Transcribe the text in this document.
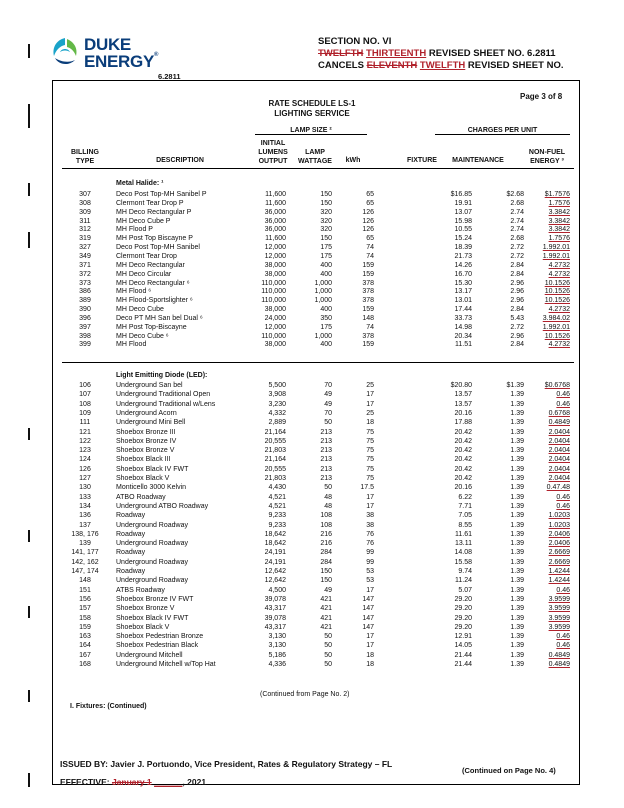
DUKE
ENERGY®
6.2811
SECTION NO. VI
TWELFTH THIRTEENTH REVISED SHEET NO. 6.2811
CANCELS ELEVENTH TWELFTH REVISED SHEET NO.
Page 3 of 8
RATE SCHEDULE LS-1
LIGHTING SERVICE
LAMP SIZE ²	CHARGES PER UNIT
BILLING TYPE	DESCRIPTION
INITIAL LUMENS OUTPUT
LAMP WATTAGE	kWh	FIXTURE	MAINTENANCE
NON-FUEL ENERGY ³
Metal Halide: ¹
307	Deco Post Top-MH Sanibel P	11,600	150	65	$16.85	$2.68	$1.7576
308	Clermont Tear Drop P	11,600	150	65	19.91	2.68	1.7576
309	MH Deco Rectangular P	36,000	320	126	13.07	2.74	3.3842
311	MH Deco Cube P	36,000	320	126	15.98	2.74	3.3842
312	MH Flood P	36,000	320	126	10.55	2.74	3.3842
319	MH Post Top Biscayne P	11,600	150	65	15.24	2.68	1.7576
327	Deco Post Top-MH Sanibel	12,000	175	74	18.39	2.72	1.992.01
349	Clermont Tear Drop	12,000	175	74	21.73	2.72	1.992.01
371	MH Deco Rectangular	38,000	400	159	14.26	2.84	4.2732
372	MH Deco Circular	38,000	400	159	16.70	2.84	4.2732
373	MH Deco Rectangular ⁶	110,000	1,000	378	15.30	2.96	10.1526
386	MH Flood ⁶	110,000	1,000	378	13.17	2.96	10.1526
389	MH Flood-Sportslighter ⁶	110,000	1,000	378	13.01	2.96	10.1526
390	MH Deco Cube	38,000	400	159	17.44	2.84	4.2732
396	Deco PT MH San bel Dual ⁶	24,000	350	148	33.73	5.43	3.984.02
397	MH Post Top-Biscayne	12,000	175	74	14.98	2.72	1.992.01
398	MH Deco Cube ⁶	110,000	1,000	378	20.34	2.96	10.1526
399	MH Flood	38,000	400	159	11.51	2.84	4.2732
Light Emitting Diode (LED):
106	Underground San bel	5,500	70	25	$20.80	$1.39	$0.6768
107	Underground Traditional Open	3,908	49	17	13.57	1.39	0.46
108	Underground Traditional w/Lens	3,230	49	17	13.57	1.39	0.46
109	Underground Acorn	4,332	70	25	20.16	1.39	0.6768
111	Underground Mini Bell	2,889	50	18	17.88	1.39	0.4849
121	Shoebox Bronze III	21,164	213	75	20.42	1.39	2.0404
122	Shoebox Bronze IV	20,555	213	75	20.42	1.39	2.0404
123	Shoebox Bronze V	21,803	213	75	20.42	1.39	2.0404
124	Shoebox Black III	21,164	213	75	20.42	1.39	2.0404
126	Shoebox Black IV FWT	20,555	213	75	20.42	1.39	2.0404
127	Shoebox Black V	21,803	213	75	20.42	1.39	2.0404
130	Monticello 3000 Kelvin	4,430	50	17.5	20.16	1.39	0.47.48
133	ATBO Roadway	4,521	48	17	6.22	1.39	0.46
134	Underground ATBO Roadway	4,521	48	17	7.71	1.39	0.46
136	Roadway	9,233	108	38	7.05	1.39	1.0203
137	Underground Roadway	9,233	108	38	8.55	1.39	1.0203
138, 176	Roadway	18,642	216	76	11.61	1.39	2.0406
139	Underground Roadway	18,642	216	76	13.11	1.39	2.0406
141, 177	Roadway	24,191	284	99	14.08	1.39	2.6669
142, 162	Underground Roadway	24,191	284	99	15.58	1.39	2.6669
147, 174	Roadway	12,642	150	53	9.74	1.39	1.4244
148	Underground Roadway	12,642	150	53	11.24	1.39	1.4244
151	ATBS Roadway	4,500	49	17	5.07	1.39	0.46
156	Shoebox Bronze IV FWT	39,078	421	147	29.20	1.39	3.9599
157	Shoebox Bronze V	43,317	421	147	29.20	1.39	3.9599
158	Shoebox Black IV FWT	39,078	421	147	29.20	1.39	3.9599
159	Shoebox Black V	43,317	421	147	29.20	1.39	3.9599
163	Shoebox Pedestrian Bronze	3,130	50	17	12.91	1.39	0.46
164	Shoebox Pedestrian Black	3,130	50	17	14.05	1.39	0.46
167	Underground Mitchell	5,186	50	18	21.44	1.39	0.4849
168	Underground Mitchell w/Top Hat	4,336	50	18	21.44	1.39	0.4849
(Continued from Page No. 2)
I. Fixtures: (Continued)
(Continued on Page No. 4)
ISSUED BY: Javier J. Portuondo, Vice President, Rates & Regulatory Strategy – FL
EFFECTIVE: January 1 ______, 2021
